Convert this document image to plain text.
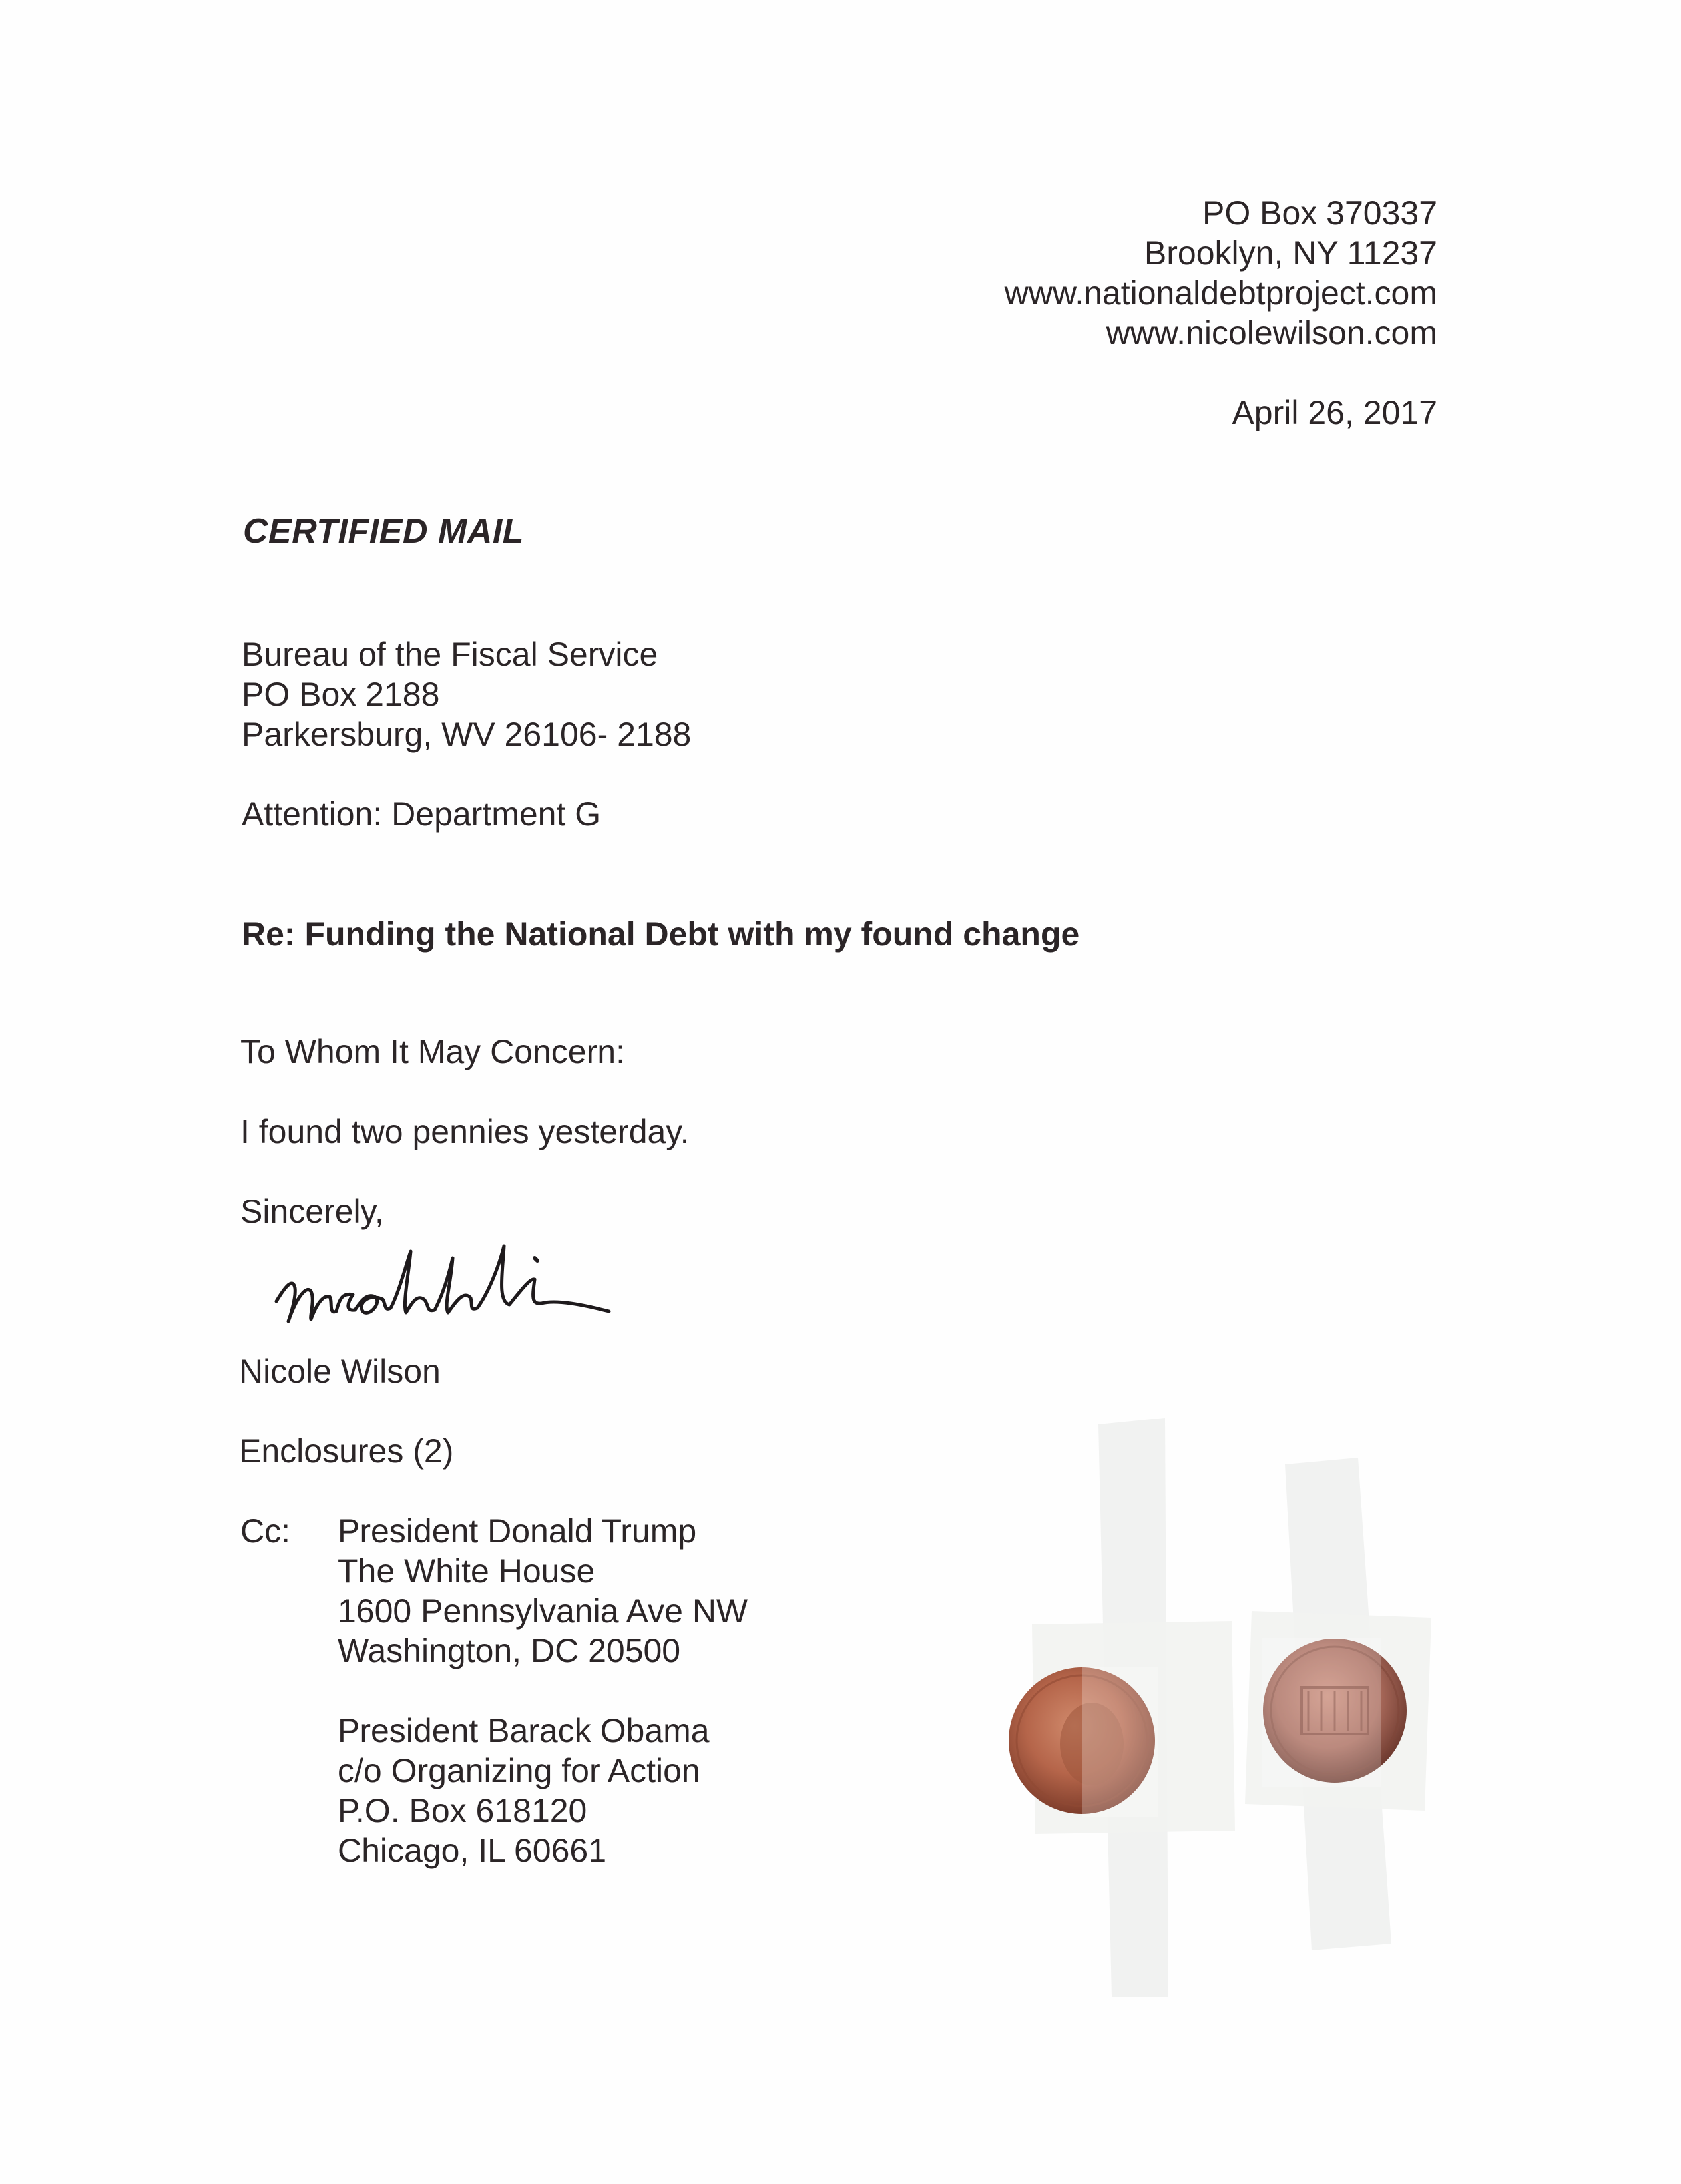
PO Box 370337
Brooklyn, NY 11237
www.nationaldebtproject.com
www.nicolewilson.com
April 26, 2017
CERTIFIED MAIL
Bureau of the Fiscal Service
PO Box 2188
Parkersburg, WV 26106- 2188
Attention: Department G
Re: Funding the National Debt with my found change
To Whom It May Concern:
I found two pennies yesterday.
Sincerely,
Nicole Wilson
Enclosures (2)
Cc: President Donald Trump
The White House
1600 Pennsylvania Ave NW
Washington, DC 20500
President Barack Obama
c/o Organizing for Action
P.O. Box 618120
Chicago, IL 60661
